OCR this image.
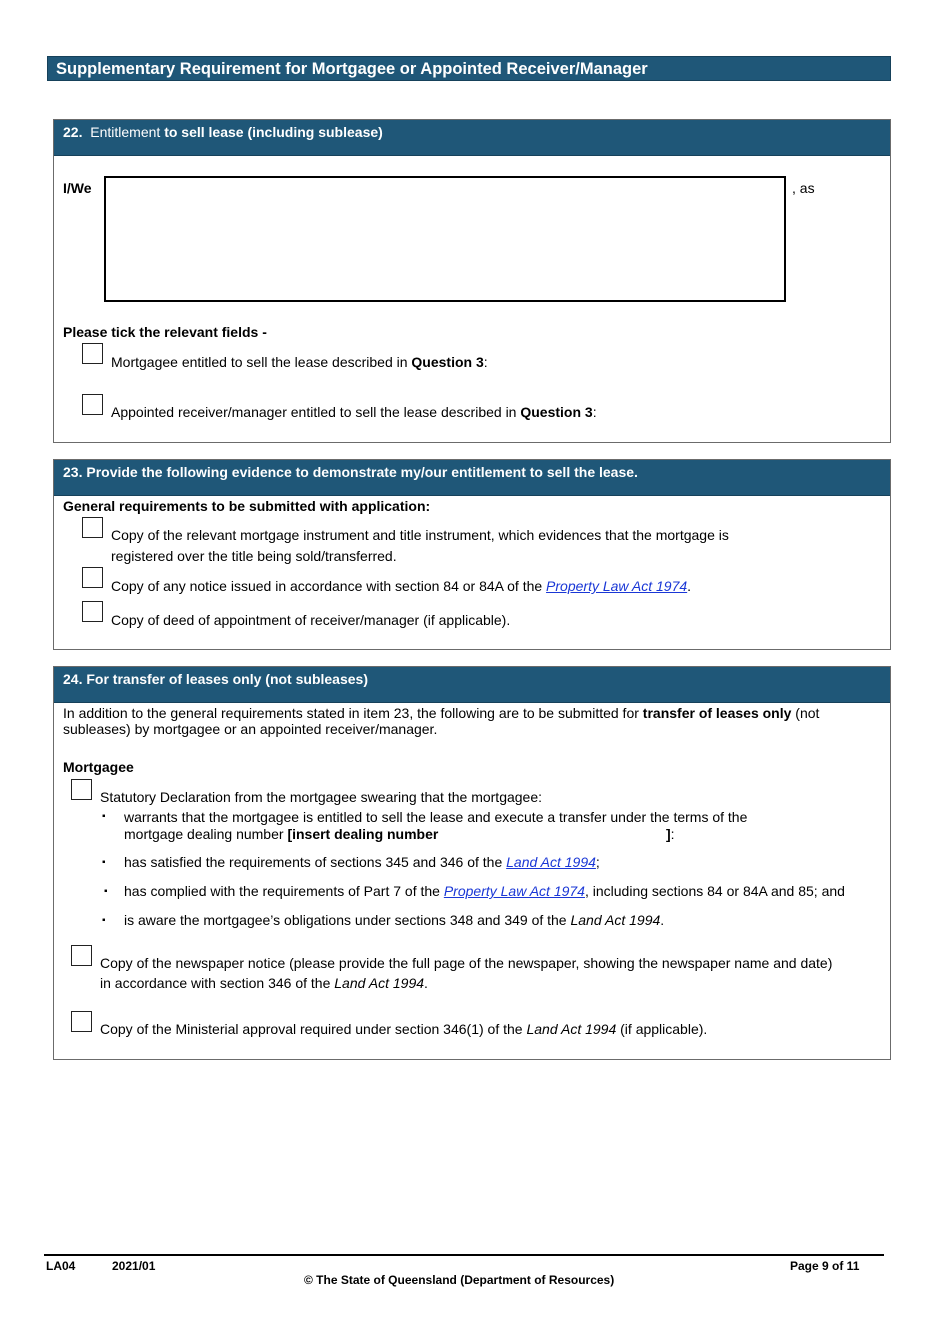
Supplementary Requirement for Mortgagee or Appointed Receiver/Manager
22. Entitlement to sell lease (including sublease)
I/We	, as
Please tick the relevant fields -
Mortgagee entitled to sell the lease described in Question 3:
Appointed receiver/manager entitled to sell the lease described in Question 3:
23. Provide the following evidence to demonstrate my/our entitlement to sell the lease.
General requirements to be submitted with application:
Copy of the relevant mortgage instrument and title instrument, which evidences that the mortgage is
registered over the title being sold/transferred.
Copy of any notice issued in accordance with section 84 or 84A of the Property Law Act 1974.
Copy of deed of appointment of receiver/manager (if applicable).
24. For transfer of leases only (not subleases)
In addition to the general requirements stated in item 23, the following are to be submitted for transfer of leases only (not
subleases) by mortgagee or an appointed receiver/manager.
Mortgagee
Statutory Declaration from the mortgagee swearing that the mortgagee:
▪ warrants that the mortgagee is entitled to sell the lease and execute a transfer under the terms of the
mortgage dealing number [insert dealing number	]:
▪ has satisfied the requirements of sections 345 and 346 of the Land Act 1994;
▪ has complied with the requirements of Part 7 of the Property Law Act 1974, including sections 84 or 84A and 85; and
▪ is aware the mortgagee’s obligations under sections 348 and 349 of the Land Act 1994.
Copy of the newspaper notice (please provide the full page of the newspaper, showing the newspaper name and date)
in accordance with section 346 of the Land Act 1994.
Copy of the Ministerial approval required under section 346(1) of the Land Act 1994 (if applicable).
LA04	2021/01	Page 9 of 11
© The State of Queensland (Department of Resources)
